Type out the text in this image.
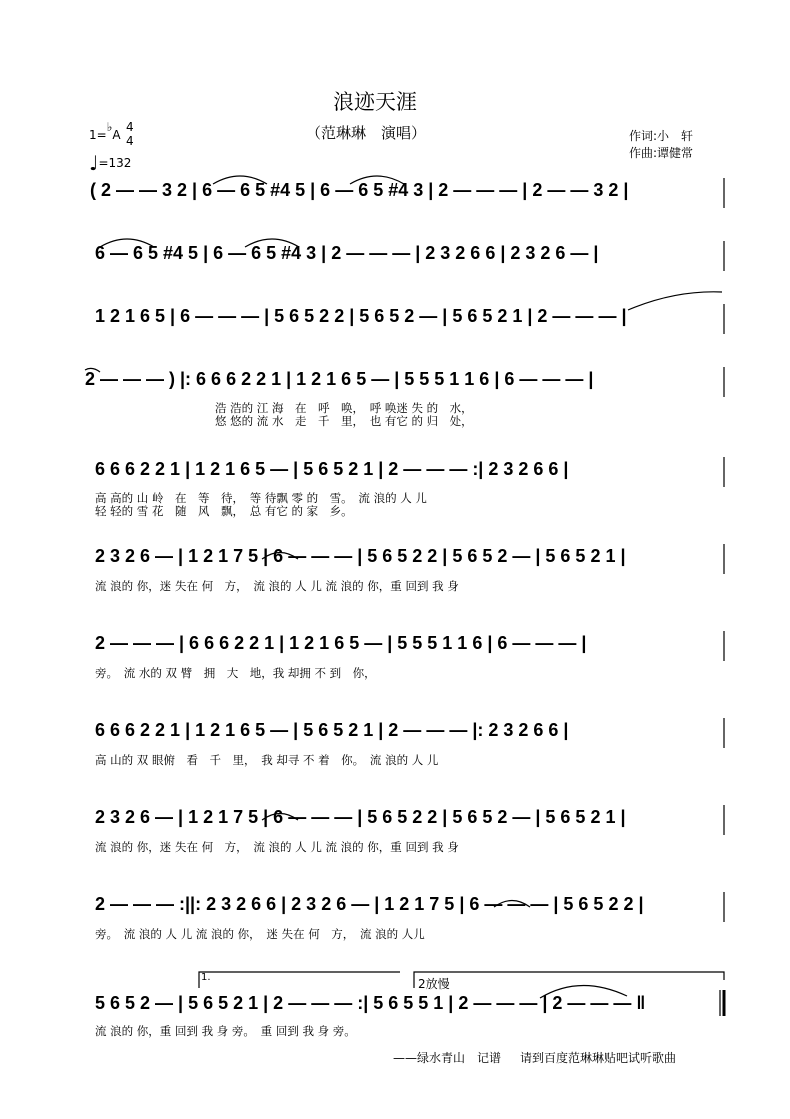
浪迹天涯
（范琳琳　演唱）	作词:小　轩
作曲:谭健常
1=♭A
4
4
♩=132
( 2 — — 3 2 | 6 — 6 5 #4 5 | 6 — 6 5 #4 3 | 2 — — — | 2 — — 3 2 |
6 — 6 5 #4 5 | 6 — 6 5 #4 3 | 2 — — — | 2 3 2 6 6 | 2 3 2 6 — |
1 2 1 6 5 | 6 — — — | 5 6 5 2 2 | 5 6 5 2 — | 5 6 5 2 1 | 2 — — — |
2 — — — ) |: 6 6 6 2 2 1 | 1 2 1 6 5 — | 5 5 5 1 1 6 | 6 — — — |
浩 浩的 江 海　在　呼　唤，　呼 唤迷 失 的　水，
悠 悠的 流 水　走　千　里，　也 有它 的 归　处，
6 6 6 2 2 1 | 1 2 1 6 5 — | 5 6 5 2 1 | 2 — — — :| 2 3 2 6 6 |
高 高的 山 岭　在　等　待，　等 待飘 零 的　雪。　流 浪的 人 儿
轻 轻的 雪 花　随　风　飘，　总 有它 的 家　乡。
2 3 2 6 — | 1 2 1 7 5 | 6 — — — | 5 6 5 2 2 | 5 6 5 2 — | 5 6 5 2 1 |
流 浪的 你，迷 失在 何　方，　流 浪的 人 儿 流 浪的 你，重 回到 我 身
2 — — — | 6 6 6 2 2 1 | 1 2 1 6 5 — | 5 5 5 1 1 6 | 6 — — — |
旁。　流 水的 双 臂　拥　大　地，我 却拥 不 到　你，
6 6 6 2 2 1 | 1 2 1 6 5 — | 5 6 5 2 1 | 2 — — — |: 2 3 2 6 6 |
高 山的 双 眼俯　看　千　里，　我 却寻 不 着　你。　流 浪的 人 儿
2 3 2 6 — | 1 2 1 7 5 | 6 — — — | 5 6 5 2 2 | 5 6 5 2 — | 5 6 5 2 1 |
流 浪的 你，迷 失在 何　方，　流 浪的 人 儿 流 浪的 你，重 回到 我 身
2 — — — :||: 2 3 2 6 6 | 2 3 2 6 — | 1 2 1 7 5 | 6 — — — | 5 6 5 2 2 |
旁。　流 浪的 人 儿 流 浪的 你，　迷 失在 何　方，　流 浪的 人儿
1.	2放慢
5 6 5 2 — | 5 6 5 2 1 | 2 — — — :| 5 6 5 5 1 | 2 — — — | 2 — — — ‖
流 浪的 你，重 回到 我 身 旁。　重 回到 我 身 旁。
——绿水青山　记谱 请到百度范琳琳贴吧试听歌曲
